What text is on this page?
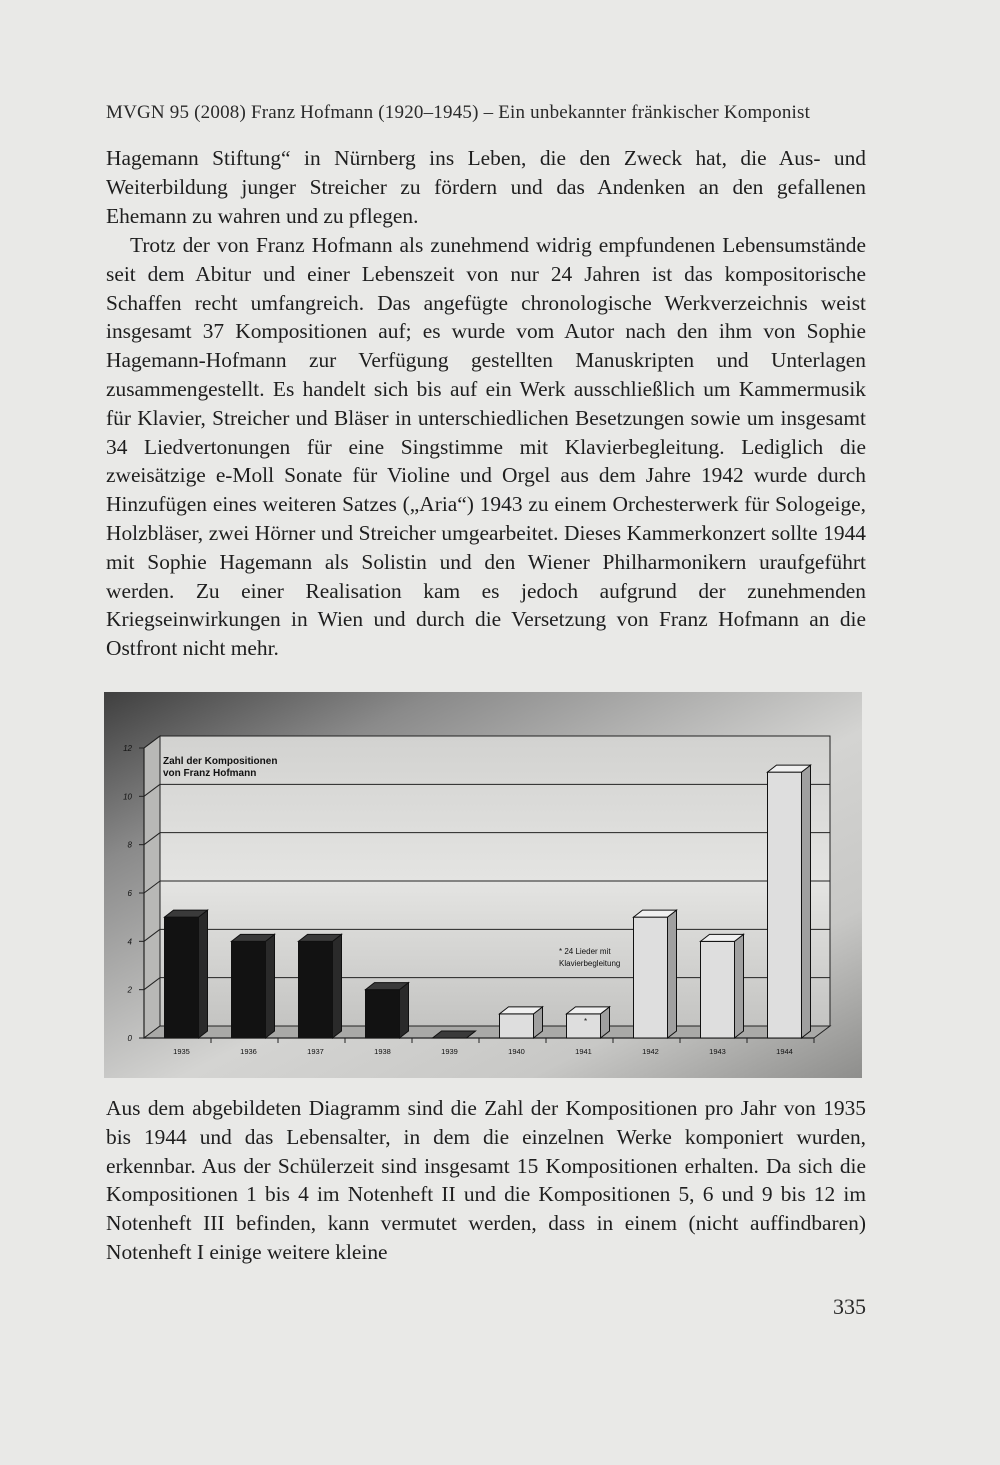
MVGN 95 (2008) Franz Hofmann (1920–1945) – Ein unbekannter fränkischer Komponist

Hagemann Stiftung“ in Nürnberg ins Leben, die den Zweck hat, die Aus- und Weiterbildung junger Streicher zu fördern und das Andenken an den gefallenen Ehemann zu wahren und zu pflegen.

Trotz der von Franz Hofmann als zunehmend widrig empfundenen Lebensumstände seit dem Abitur und einer Lebenszeit von nur 24 Jahren ist das kompositorische Schaffen recht umfangreich. Das angefügte chronologische Werkverzeichnis weist insgesamt 37 Kompositionen auf; es wurde vom Autor nach den ihm von Sophie Hagemann-Hofmann zur Verfügung gestellten Manuskripten und Unterlagen zusammengestellt. Es handelt sich bis auf ein Werk ausschließlich um Kammermusik für Klavier, Streicher und Bläser in unterschiedlichen Besetzungen sowie um insgesamt 34 Liedvertonungen für eine Singstimme mit Klavierbegleitung. Lediglich die zweisätzige e-Moll Sonate für Violine und Orgel aus dem Jahre 1942 wurde durch Hinzufügen eines weiteren Satzes („Aria“) 1943 zu einem Orchesterwerk für Sologeige, Holzbläser, zwei Hörner und Streicher umgearbeitet. Dieses Kammerkonzert sollte 1944 mit Sophie Hagemann als Solistin und den Wiener Philharmonikern uraufgeführt werden. Zu einer Realisation kam es jedoch aufgrund der zunehmenden Kriegseinwirkungen in Wien und durch die Versetzung von Franz Hofmann an die Ostfront nicht mehr.

*
Zahl der Kompositionen
von Franz Hofmann
* 24 Lieder mit
Klavierbegleitung
0
2
4
6
8
10
12
1935	1936	1937	1938	1939	1940	1941	1942	1943	1944

Aus dem abgebildeten Diagramm sind die Zahl der Kompositionen pro Jahr von 1935 bis 1944 und das Lebensalter, in dem die einzelnen Werke komponiert wurden, erkennbar. Aus der Schülerzeit sind insgesamt 15 Kompositionen erhalten. Da sich die Kompositionen 1 bis 4 im Notenheft II und die Kompositionen 5, 6 und 9 bis 12 im Notenheft III befinden, kann vermutet werden, dass in einem (nicht auffindbaren) Notenheft I einige weitere kleine

335
